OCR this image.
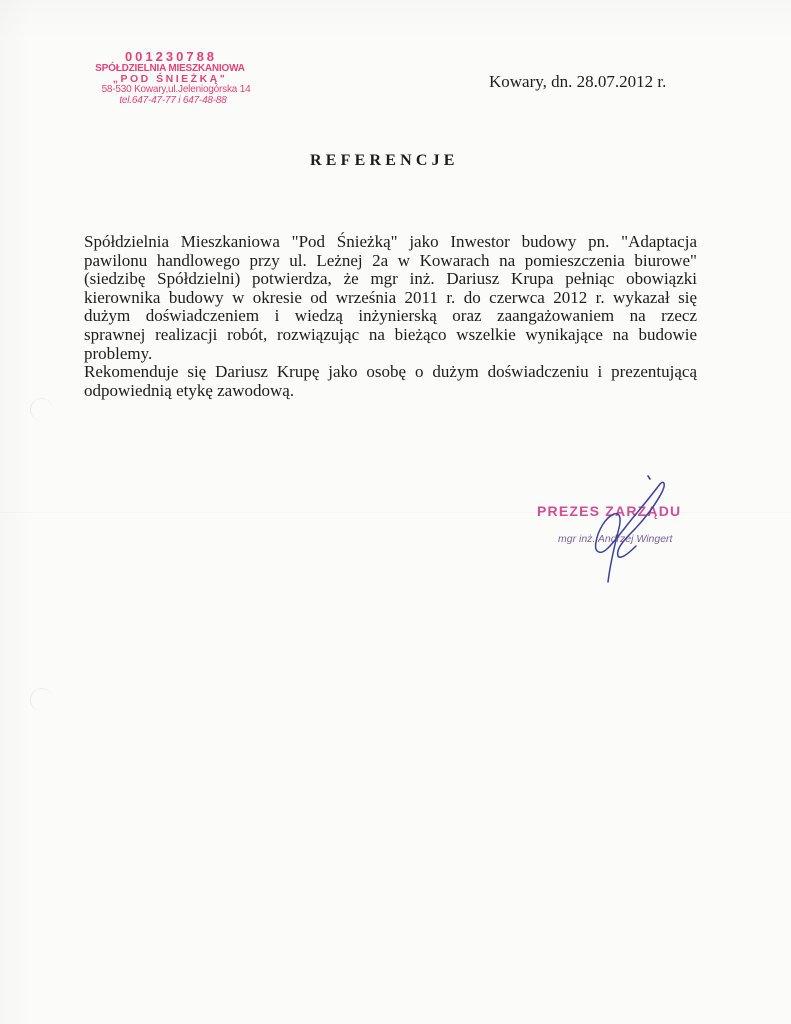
001230788
SPÓŁDZIELNIA MIESZKANIOWA
„POD ŚNIEŻKĄ"
58-530 Kowary,ul.Jeleniogórska 14
tel.647-47-77 i 647-48-88
Kowary, dn. 28.07.2012 r.
REFERENCJE

Spółdzielnia Mieszkaniowa "Pod Śnieżką" jako Inwestor budowy pn. "Adaptacja
pawilonu handlowego przy ul. Leżnej 2a w Kowarach na pomieszczenia biurowe"
(siedzibę Spółdzielni) potwierdza, że mgr inż. Dariusz Krupa pełniąc obowiązki
kierownika budowy w okresie od września 2011 r. do czerwca 2012 r. wykazał się
dużym doświadczeniem i wiedzą inżynierską oraz zaangażowaniem na rzecz
sprawnej realizacji robót, rozwiązując na bieżąco wszelkie wynikające na budowie
problemy.

Rekomenduje się Dariusz Krupę jako osobę o dużym doświadczeniu i prezentującą
odpowiednią etykę zawodową.

PREZES ZARZĄDU
mgr inż. Andrzej Wingert
